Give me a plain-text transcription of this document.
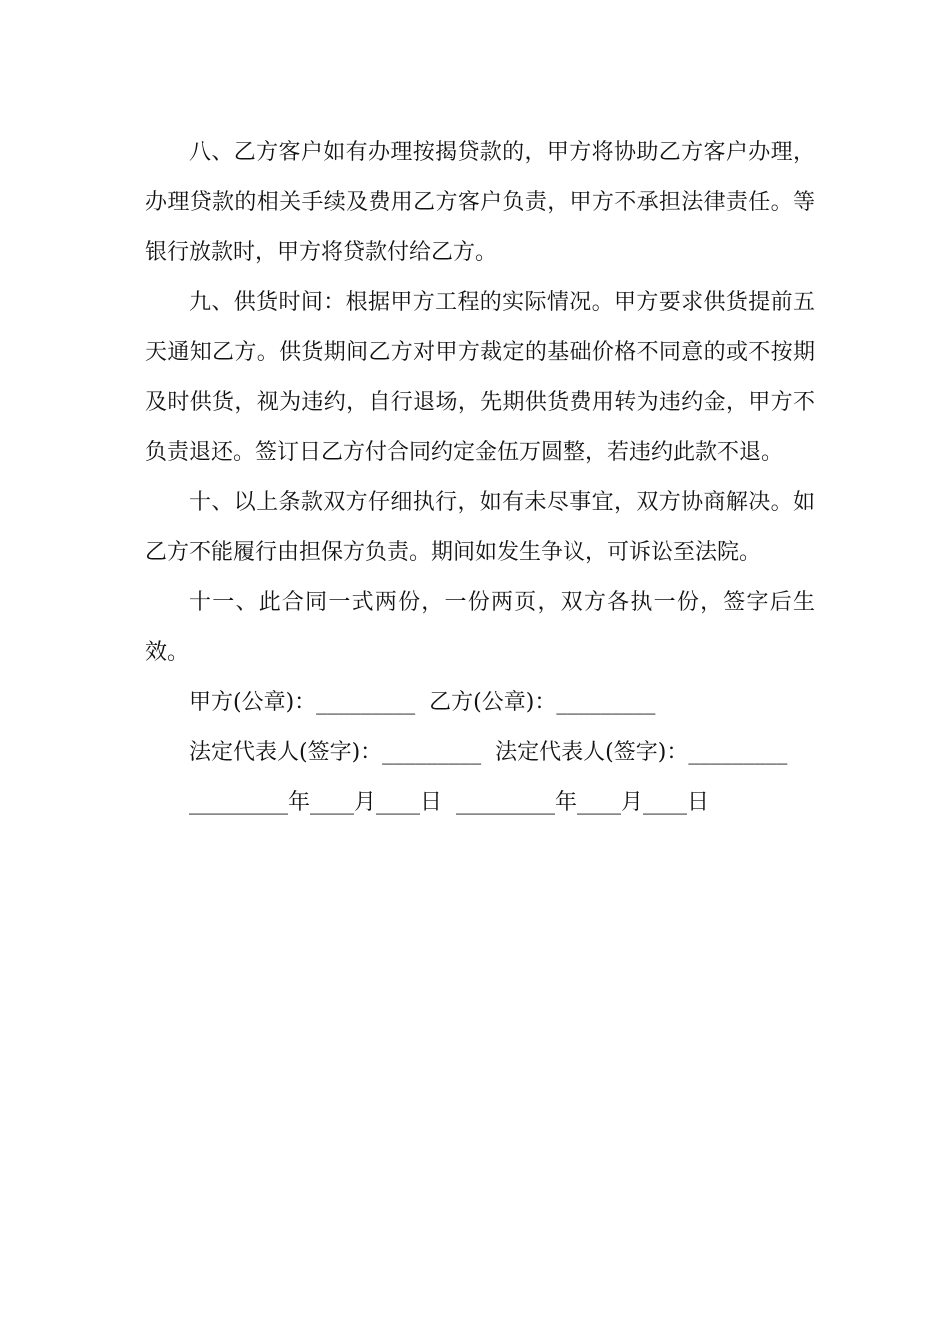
八、乙方客户如有办理按揭贷款的，甲方将协助乙方客户办理，办理贷款的相关手续及费用乙方客户负责，甲方不承担法律责任。等银行放款时，甲方将贷款付给乙方。

九、供货时间：根据甲方工程的实际情况。甲方要求供货提前五天通知乙方。供货期间乙方对甲方裁定的基础价格不同意的或不按期及时供货，视为违约，自行退场，先期供货费用转为违约金，甲方不负责退还。签订日乙方付合同约定金伍万圆整，若违约此款不退。

十、以上条款双方仔细执行，如有未尽事宜，双方协商解决。如乙方不能履行由担保方负责。期间如发生争议，可诉讼至法院。

十一、此合同一式两份，一份两页，双方各执一份，签字后生效。

甲方(公章)：_________  乙方(公章)：_________

法定代表人(签字)：_________  法定代表人(签字)：_________

_________年____月____日  _________年____月____日
